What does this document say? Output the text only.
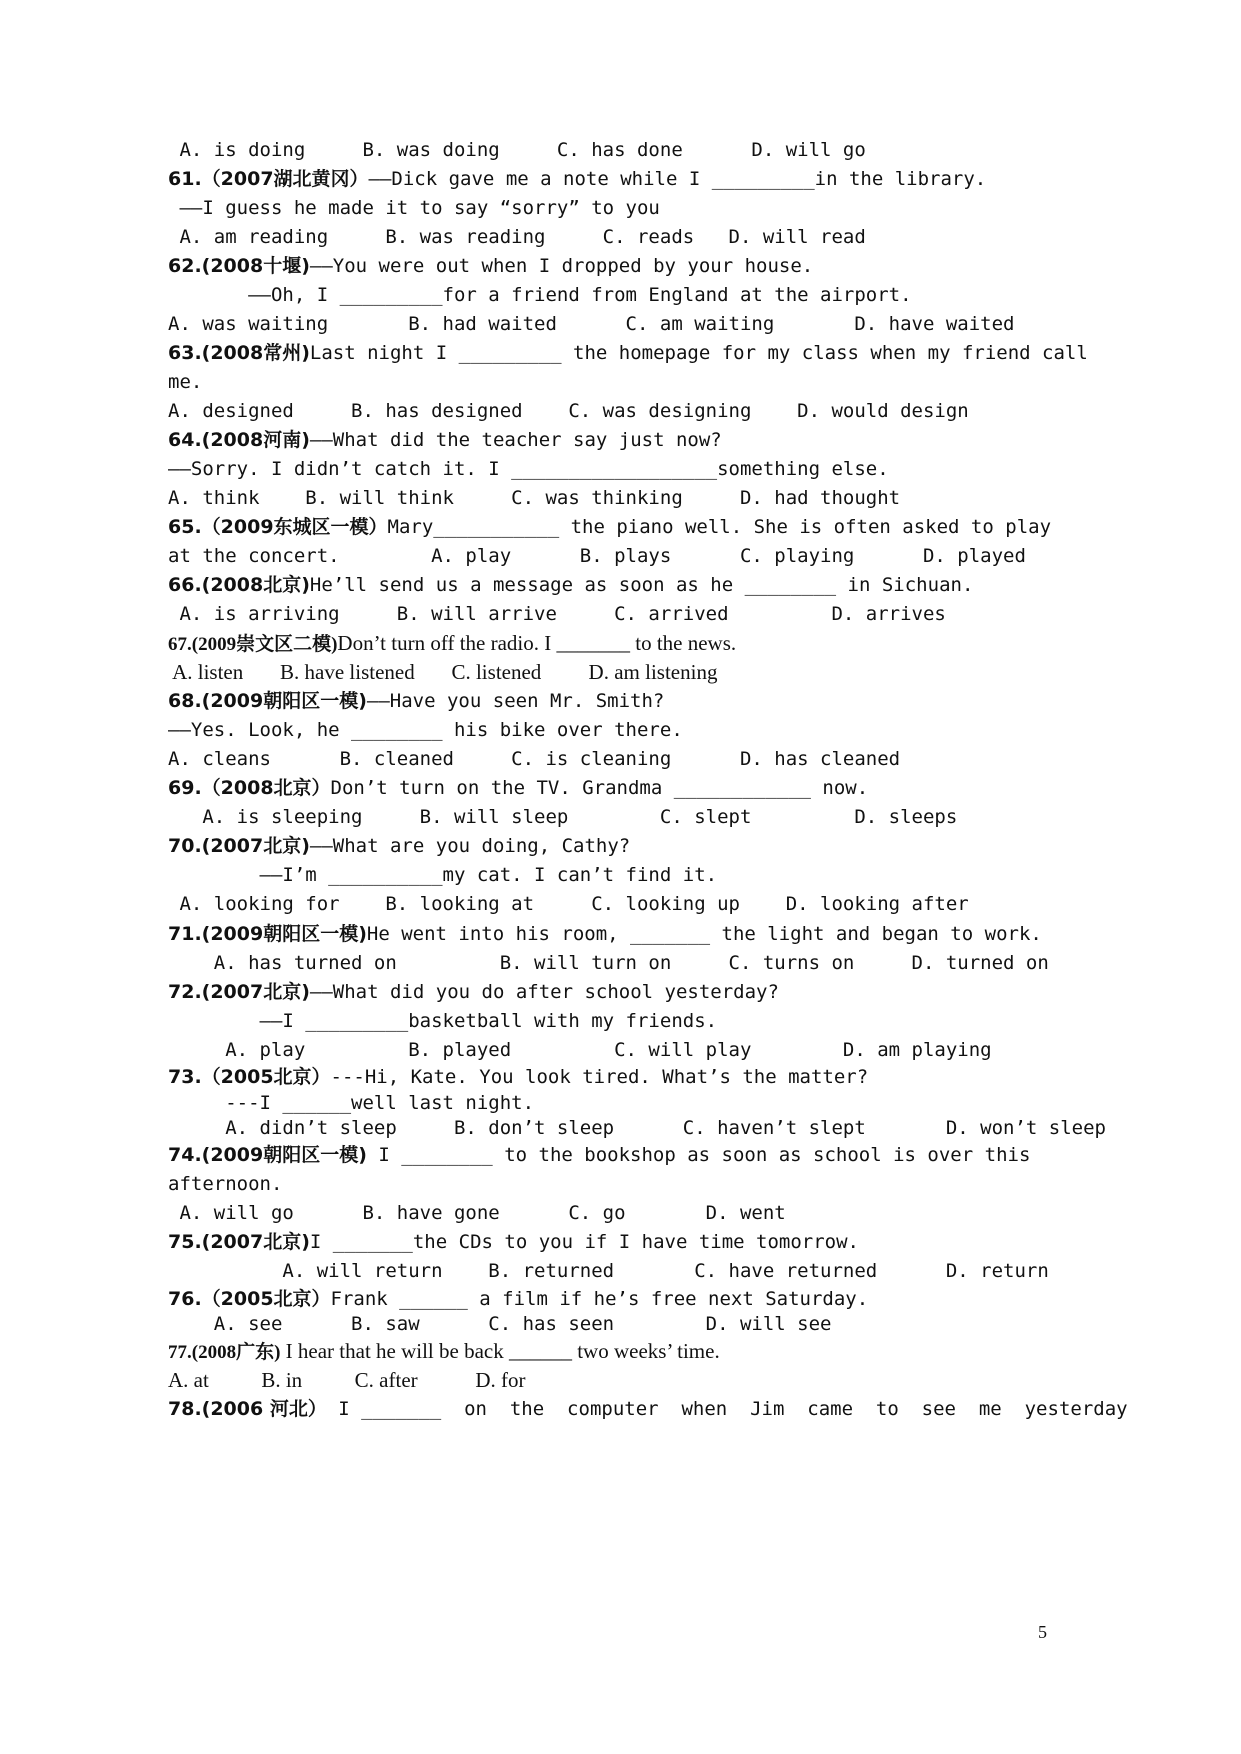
A. is doing     B. was doing     C. has done      D. will go
61.（2007湖北黄冈）——Dick gave me a note while I _________in the library.
——I guess he made it to say “sorry” to you
A. am reading     B. was reading     C. reads   D. will read
62.(2008十堰)——You were out when I dropped by your house.
——Oh, I _________for a friend from England at the airport.
A. was waiting       B. had waited      C. am waiting       D. have waited
63.(2008常州)Last night I _________ the homepage for my class when my friend call
me.
A. designed     B. has designed    C. was designing    D. would design
64.(2008河南)——What did the teacher say just now?
——Sorry. I didn’t catch it. I __________________something else.
A. think    B. will think     C. was thinking     D. had thought
65.（2009东城区一模）Mary___________ the piano well. She is often asked to play
at the concert.        A. play      B. plays      C. playing      D. played
66.(2008北京)He’ll send us a message as soon as he ________ in Sichuan.
A. is arriving     B. will arrive     C. arrived         D. arrives
67.(2009崇文区二模)Don’t turn off the radio. I _______ to the news.
A. listen       B. have listened       C. listened         D. am listening
68.(2009朝阳区一模)——Have you seen Mr. Smith?
——Yes. Look, he ________ his bike over there.
A. cleans      B. cleaned     C. is cleaning      D. has cleaned
69.（2008北京）Don’t turn on the TV. Grandma ____________ now.
A. is sleeping     B. will sleep        C. slept         D. sleeps
70.(2007北京)——What are you doing, Cathy?
——I’m __________my cat. I can’t find it.
A. looking for    B. looking at     C. looking up    D. looking after
71.(2009朝阳区一模)He went into his room, _______ the light and began to work.
A. has turned on         B. will turn on     C. turns on     D. turned on
72.(2007北京)——What did you do after school yesterday?
——I _________basketball with my friends.
A. play         B. played         C. will play        D. am playing
73.（2005北京）---Hi, Kate. You look tired. What’s the matter?
---I ______well last night.
A. didn’t sleep     B. don’t sleep      C. haven’t slept       D. won’t sleep
74.(2009朝阳区一模) I ________ to the bookshop as soon as school is over this
afternoon.
A. will go      B. have gone      C. go       D. went
75.(2007北京)I _______the CDs to you if I have time tomorrow.
A. will return    B. returned       C. have returned      D. return
76.（2005北京）Frank ______ a film if he’s free next Saturday.
A. see      B. saw      C. has seen        D. will see
77.(2008广东) I hear that he will be back ______ two weeks’ time.
A. at          B. in          C. after           D. for
78.(2006 河北） I _______  on  the  computer  when  Jim  came  to  see  me  yesterday
5
